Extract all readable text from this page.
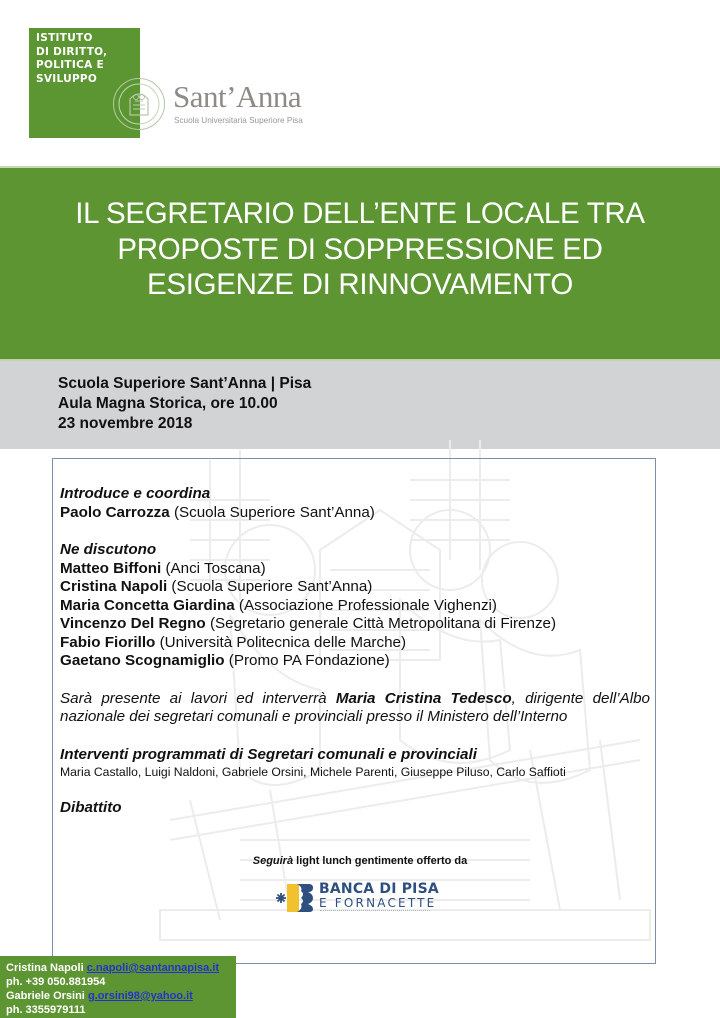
ISTITUTO
DI DIRITTO,
POLITICA E
SVILUPPO
Sant’Anna
Scuola Universitaria Superiore Pisa
IL SEGRETARIO DELL’ENTE LOCALE TRA
PROPOSTE DI SOPPRESSIONE ED
ESIGENZE DI RINNOVAMENTO
Scuola Superiore Sant’Anna | Pisa
Aula Magna Storica, ore 10.00
23 novembre 2018
Introduce e coordina
Paolo Carrozza (Scuola Superiore Sant’Anna)
Ne discutono
Matteo Biffoni (Anci Toscana)
Cristina Napoli (Scuola Superiore Sant’Anna)
Maria Concetta Giardina (Associazione Professionale Vighenzi)
Vincenzo Del Regno (Segretario generale Città Metropolitana di Firenze)
Fabio Fiorillo (Università Politecnica delle Marche)
Gaetano Scognamiglio (Promo PA Fondazione)
Sarà presente ai lavori ed interverrà Maria Cristina Tedesco, dirigente dell’Albo nazionale dei segretari comunali e provinciali presso il Ministero dell’Interno
Interventi programmati di Segretari comunali e provinciali
Maria Castallo, Luigi Naldoni, Gabriele Orsini, Michele Parenti, Giuseppe Piluso, Carlo Saffioti
Dibattito
Seguirà light lunch gentimente offerto da
BANCA DI PISA
E FORNACETTE
Cristina Napoli c.napoli@santannapisa.it
ph. +39 050.881954
Gabriele Orsini g.orsini98@yahoo.it
ph. 3355979111
